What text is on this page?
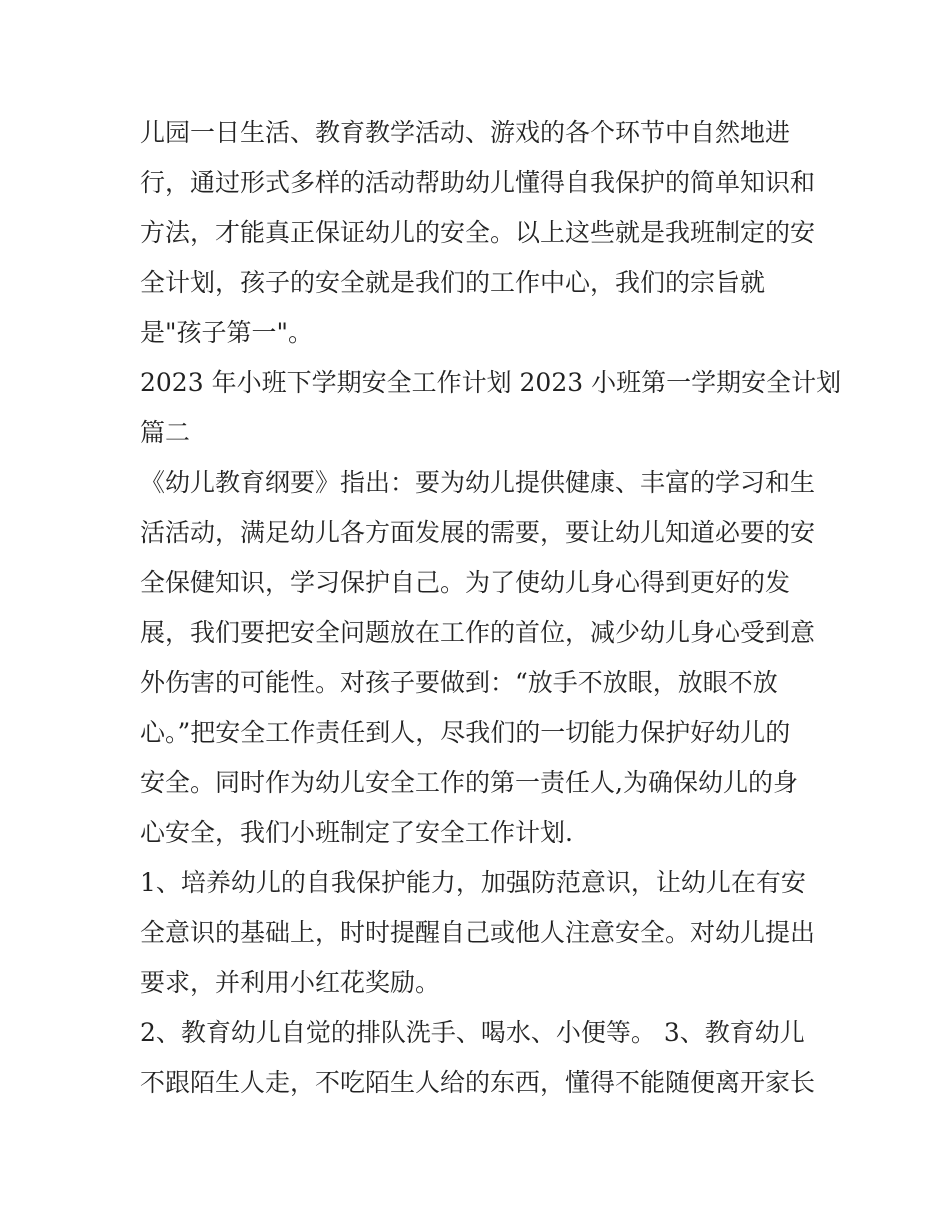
儿园一日生活、教育教学活动、游戏的各个环节中自然地进
行，通过形式多样的活动帮助幼儿懂得自我保护的简单知识和
方法，才能真正保证幼儿的安全。以上这些就是我班制定的安
全计划，孩子的安全就是我们的工作中心，我们的宗旨就
是"孩子第一"。
2023 年小班下学期安全工作计划 2023 小班第一学期安全计划
篇二
《幼儿教育纲要》指出：要为幼儿提供健康、丰富的学习和生
活活动，满足幼儿各方面发展的需要，要让幼儿知道必要的安
全保健知识，学习保护自己。为了使幼儿身心得到更好的发
展，我们要把安全问题放在工作的首位，减少幼儿身心受到意
外伤害的可能性。对孩子要做到：“放手不放眼，放眼不放
心。”把安全工作责任到人，尽我们的一切能力保护好幼儿的
安全。同时作为幼儿安全工作的第一责任人,为确保幼儿的身
心安全，我们小班制定了安全工作计划.
1、培养幼儿的自我保护能力，加强防范意识，让幼儿在有安
全意识的基础上，时时提醒自己或他人注意安全。对幼儿提出
要求，并利用小红花奖励。
2、教育幼儿自觉的排队洗手、喝水、小便等。 3、教育幼儿
不跟陌生人走，不吃陌生人给的东西，懂得不能随便离开家长
